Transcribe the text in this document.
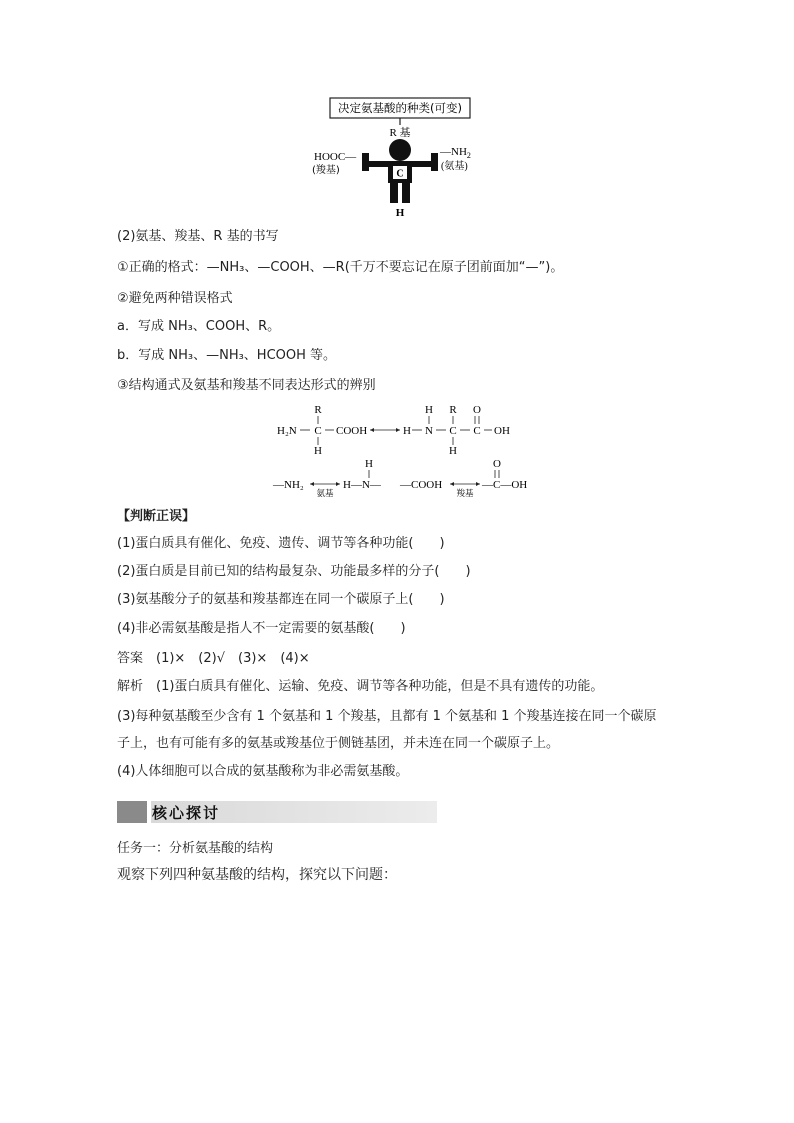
决定氨基酸的种类(可变)
R 基
C
HOOC—
(羧基)
$—NH_2$
(氨基)
H
(2)氨基、羧基、R 基的书写
①正确的格式：—NH₃、—COOH、—R(千万不要忘记在原子团前面加“—”)。
②避免两种错误格式
a．写成 NH₃、COOH、R。
b．写成 NH₃、—NH₃、HCOOH 等。
③结构通式及氨基和羧基不同表达形式的辨别
R
H₂N C COOH
H
H
H
N
R
C
H
O
C OH
—NH₂
氨基
H
H—N— —COOH
羧基
O
—C—OH
【判断正误】
(1)蛋白质具有催化、免疫、遗传、调节等各种功能(　　)
(2)蛋白质是目前已知的结构最复杂、功能最多样的分子(　　)
(3)氨基酸分子的氨基和羧基都连在同一个碳原子上(　　)
(4)非必需氨基酸是指人不一定需要的氨基酸(　　)
答案　(1)×　(2)√　(3)×　(4)×
解析　(1)蛋白质具有催化、运输、免疫、调节等各种功能，但是不具有遗传的功能。
(3)每种氨基酸至少含有 1 个氨基和 1 个羧基，且都有 1 个氨基和 1 个羧基连接在同一个碳原
子上，也有可能有多的氨基或羧基位于侧链基团，并未连在同一个碳原子上。
(4)人体细胞可以合成的氨基酸称为非必需氨基酸。
核心探讨
任务一：分析氨基酸的结构
观察下列四种氨基酸的结构，探究以下问题：
